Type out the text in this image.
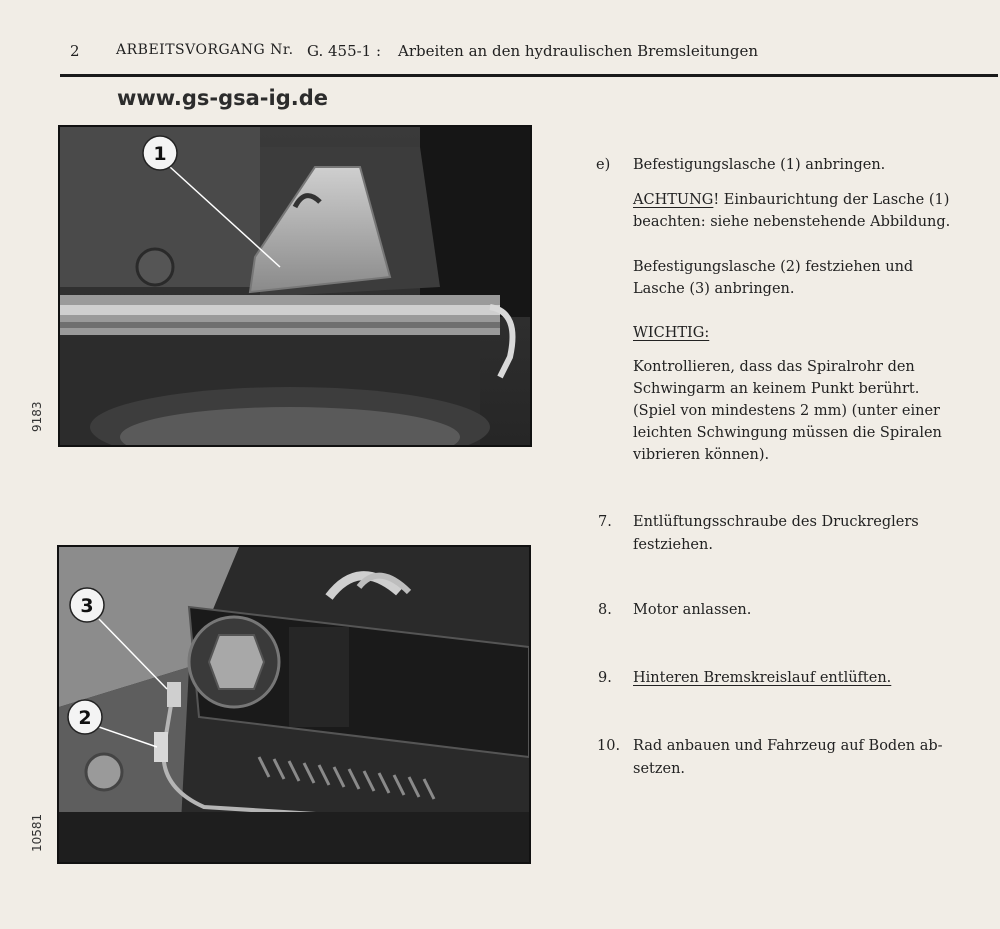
2	ARBEITSVORGANG Nr. G. 455-1 : Arbeiten an den hydraulischen Bremsleitungen
www.gs-gsa-ig.de
1
9183
3
2
10581
e) Befestigungslasche (1) anbringen.
ACHTUNG! Einbaurichtung der Lasche (1)
beachten: siehe nebenstehende Abbildung.
Befestigungslasche (2) festziehen und
Lasche (3) anbringen.
WICHTIG:
Kontrollieren, dass das Spiralrohr den
Schwingarm an keinem Punkt berührt.
(Spiel von mindestens 2 mm) (unter einer
leichten Schwingung müssen die Spiralen
vibrieren können).
7. Entlüftungsschraube des Druckreglers
festziehen.
8. Motor anlassen.
9. Hinteren Bremskreislauf entlüften.
10. Rad anbauen und Fahrzeug auf Boden ab-
setzen.
